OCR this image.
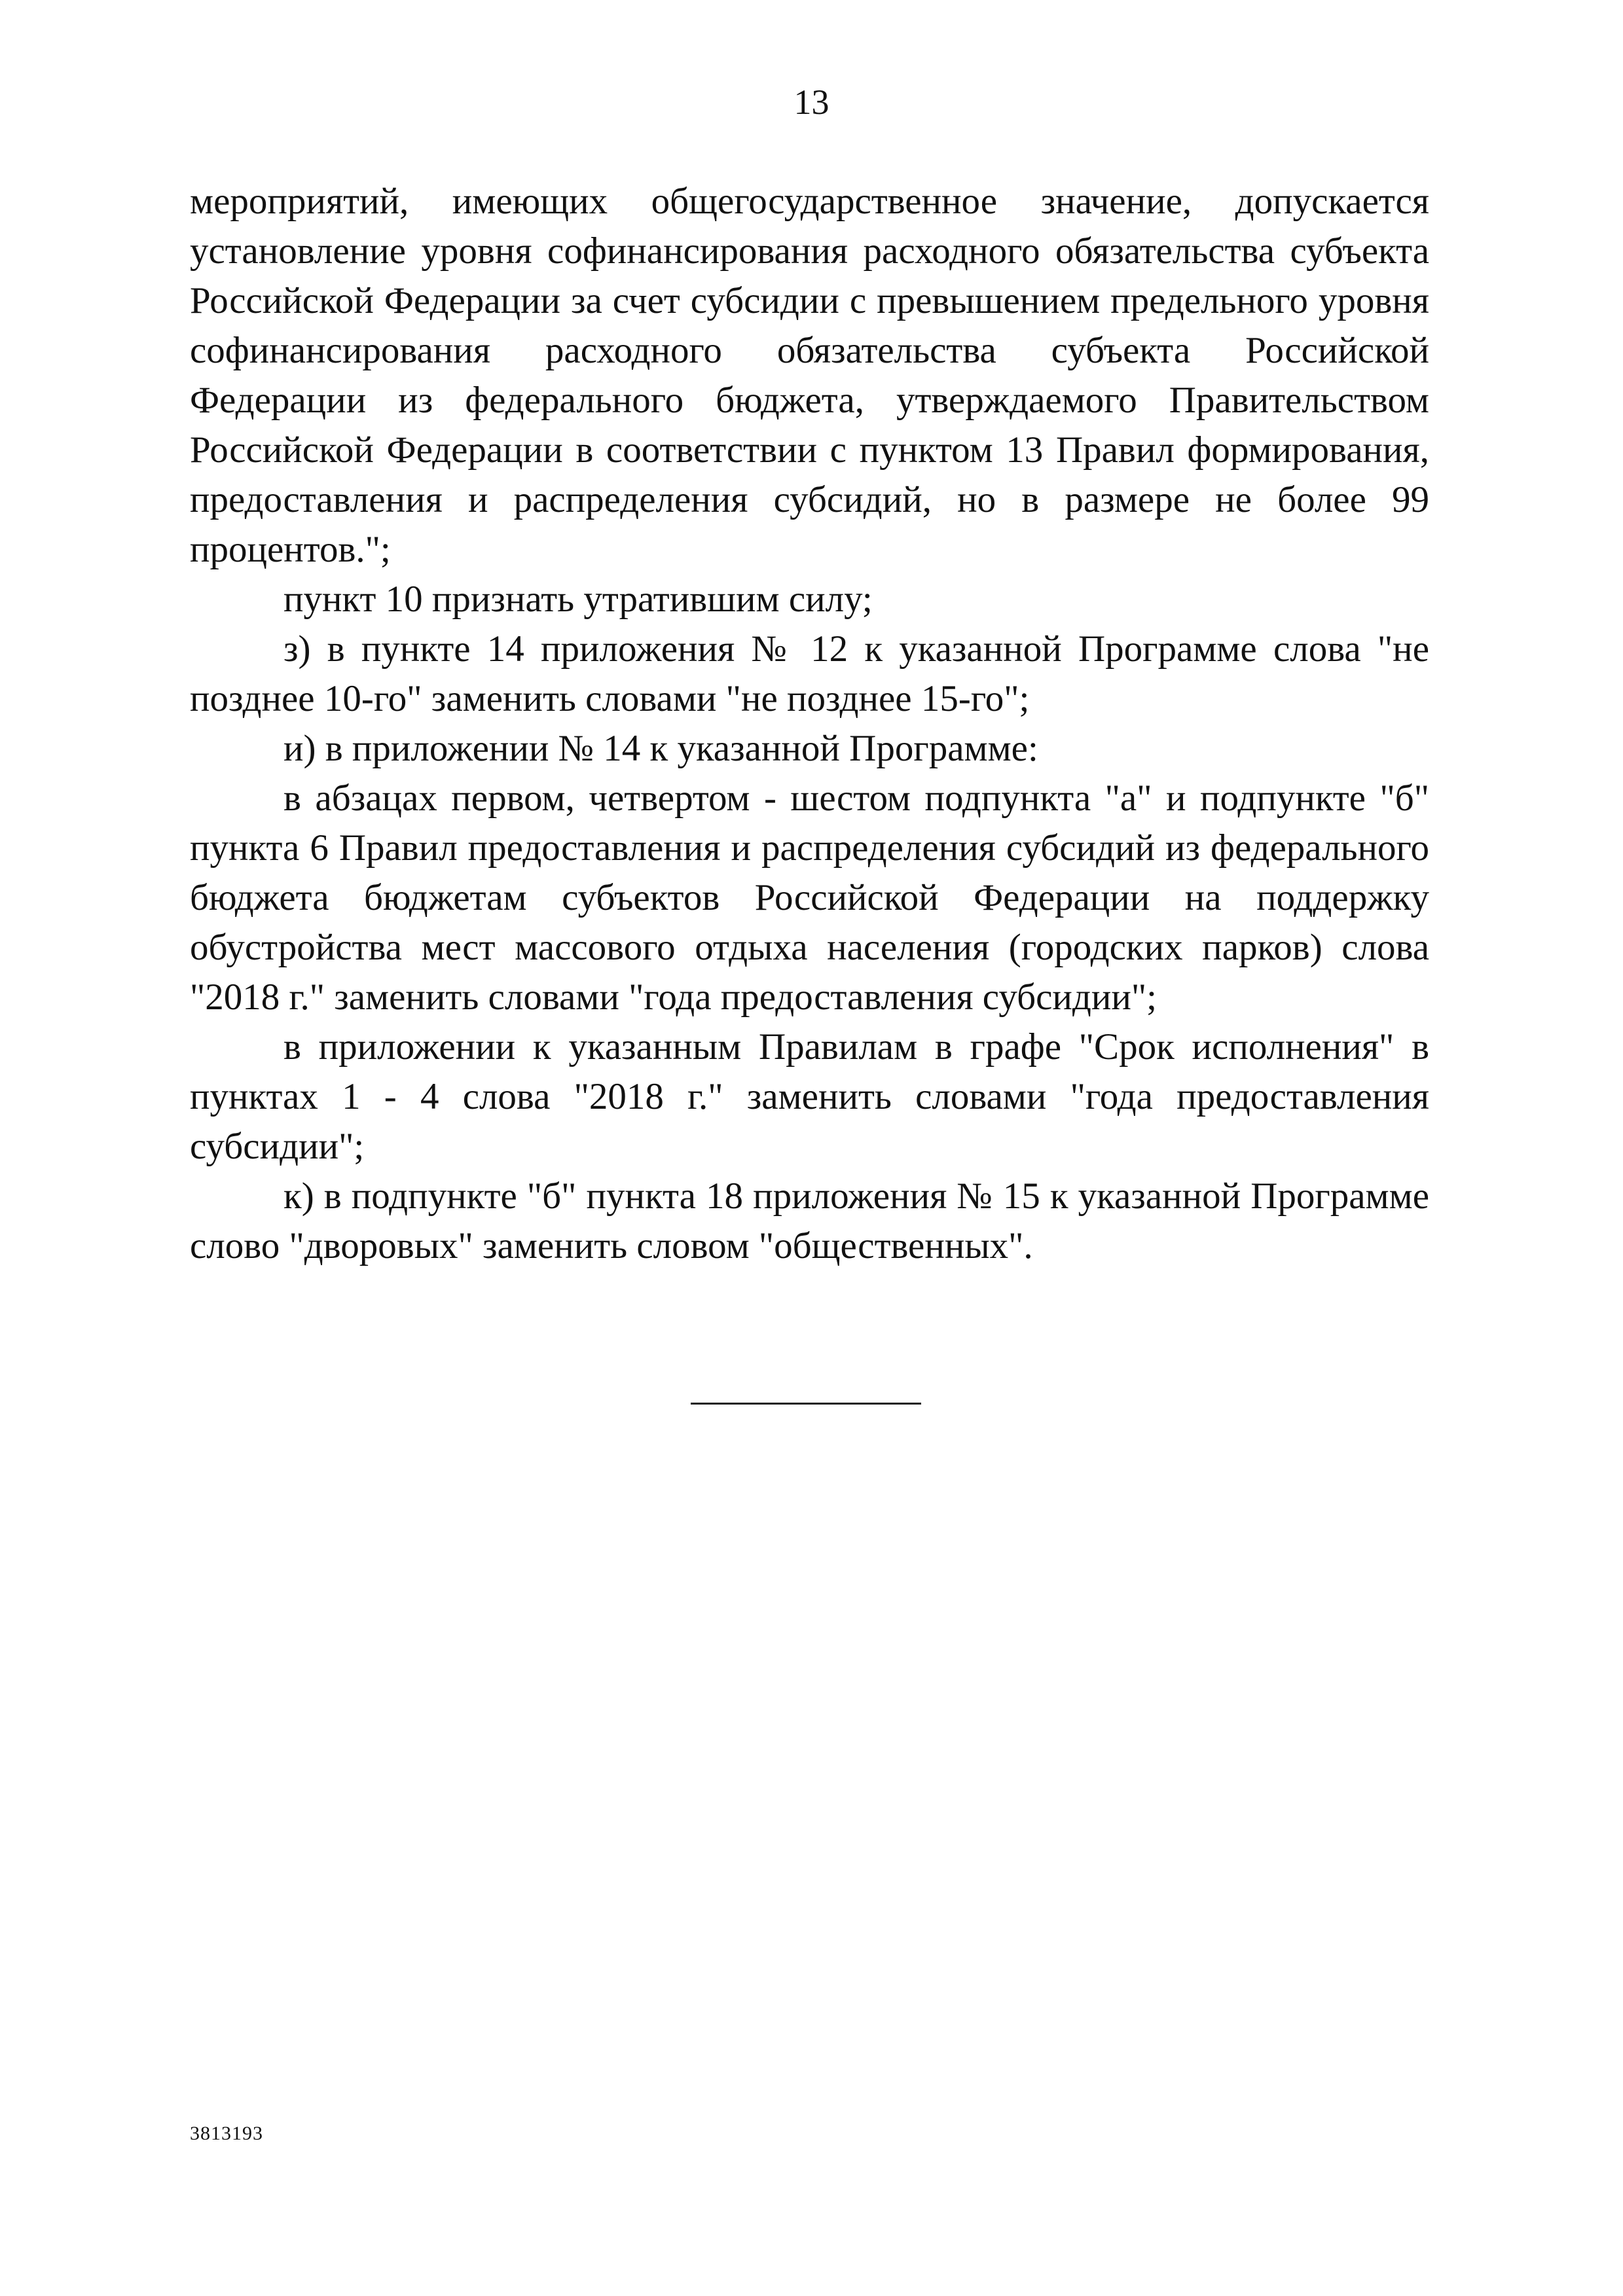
13

мероприятий, имеющих общегосударственное значение, допускается установление уровня софинансирования расходного обязательства субъекта Российской Федерации за счет субсидии с превышением предельного уровня софинансирования расходного обязательства субъекта Российской Федерации из федерального бюджета, утверждаемого Правительством Российской Федерации в соответствии с пунктом 13 Правил формирования, предоставления и распределения субсидий, но в размере не более 99 процентов.";

пункт 10 признать утратившим силу;

з) в пункте 14 приложения № 12 к указанной Программе слова "не позднее 10-го" заменить словами "не позднее 15-го";

и) в приложении № 14 к указанной Программе:

в абзацах первом, четвертом - шестом подпункта "а" и подпункте "б" пункта 6 Правил предоставления и распределения субсидий из федерального бюджета бюджетам субъектов Российской Федерации на поддержку обустройства мест массового отдыха населения (городских парков) слова "2018 г." заменить словами "года предоставления субсидии";

в приложении к указанным Правилам в графе "Срок исполнения" в пунктах 1 - 4 слова "2018 г." заменить словами "года предоставления субсидии";

к) в подпункте "б" пункта 18 приложения № 15 к указанной Программе слово "дворовых" заменить словом "общественных".

3813193
